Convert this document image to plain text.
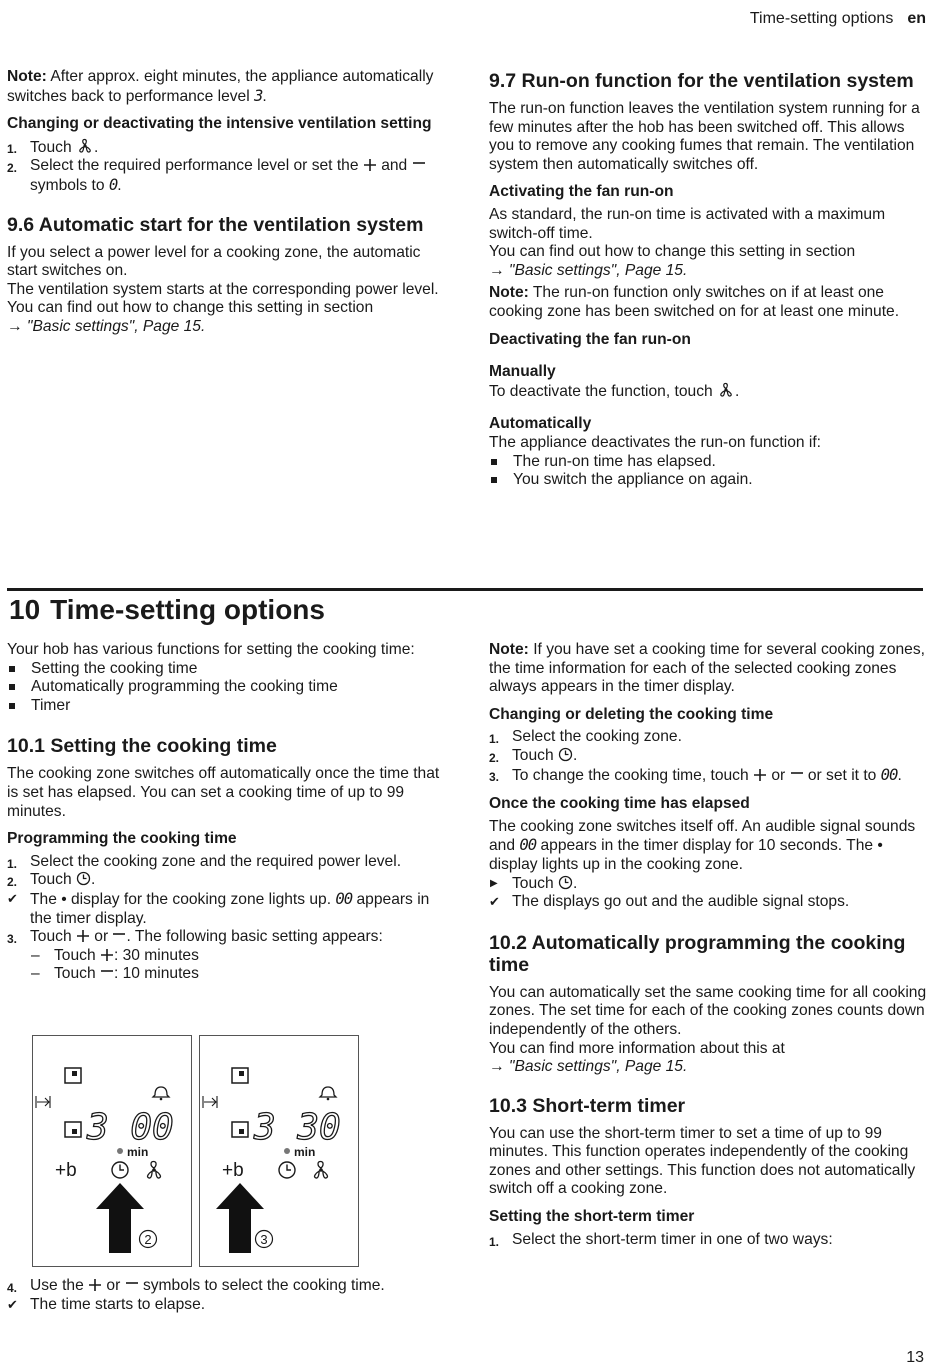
Time-setting options en

Note: After approx. eight minutes, the appliance automatically switches back to performance level 3.

Changing or deactivating the intensive ventilation setting

1. Touch .
2. Select the required performance level or set the  and  symbols to 0.
9.6 Automatic start for the ventilation system

If you select a power level for a cooking zone, the automatic start switches on.

The ventilation system starts at the corresponding power level. You can find out how to change this setting in section

→ "Basic settings", Page 15.

9.7 Run-on function for the ventilation system

The run-on function leaves the ventilation system running for a few minutes after the hob has been switched off. This allows you to remove any cooking fumes that remain. The ventilation system then automatically switches off.

Activating the fan run-on

As standard, the run-on time is activated with a maximum switch-off time.

You can find out how to change this setting in section

→ "Basic settings", Page 15.

Note: The run-on function only switches on if at least one cooking zone has been switched on for at least one minute.

Deactivating the fan run-on

Manually

To deactivate the function, touch .

Automatically

The appliance deactivates the run-on function if:

The run-on time has elapsed.
You switch the appliance on again.
10 Time-setting options

Your hob has various functions for setting the cooking time:

Setting the cooking time
Automatically programming the cooking time
Timer
10.1 Setting the cooking time

The cooking zone switches off automatically once the time that is set has elapsed. You can set a cooking time of up to 99 minutes.

Programming the cooking time

1. Select the cooking zone and the required power level.
2. Touch .
✔ The • display for the cooking zone lights up. 00 appears in the timer display.
3. Touch  or . The following basic setting appears:
– Touch : 30 minutes
– Touch : 10 minutes
3 00
min
+b
2
3 30
min
+b
3
4. Use the  or  symbols to select the cooking time.
✔ The time starts to elapse.

Note: If you have set a cooking time for several cooking zones, the time information for each of the selected cooking zones always appears in the timer display.

Changing or deleting the cooking time

1. Select the cooking zone.
2. Touch .
3. To change the cooking time, touch  or  or set it to 00.

Once the cooking time has elapsed

The cooking zone switches itself off. An audible signal sounds and 00 appears in the timer display for 10 seconds. The • display lights up in the cooking zone.

▶ Touch .
✔ The displays go out and the audible signal stops.
10.2 Automatically programming the cooking time

You can automatically set the same cooking time for all cooking zones. The set time for each of the cooking zones counts down independently of the others.

You can find more information about this at

→ "Basic settings", Page 15.

10.3 Short-term timer

You can use the short-term timer to set a time of up to 99 minutes. This function operates independently of the cooking zones and other settings. This function does not automatically switch off a cooking zone.

Setting the short-term timer

1. Select the short-term timer in one of two ways:
13
